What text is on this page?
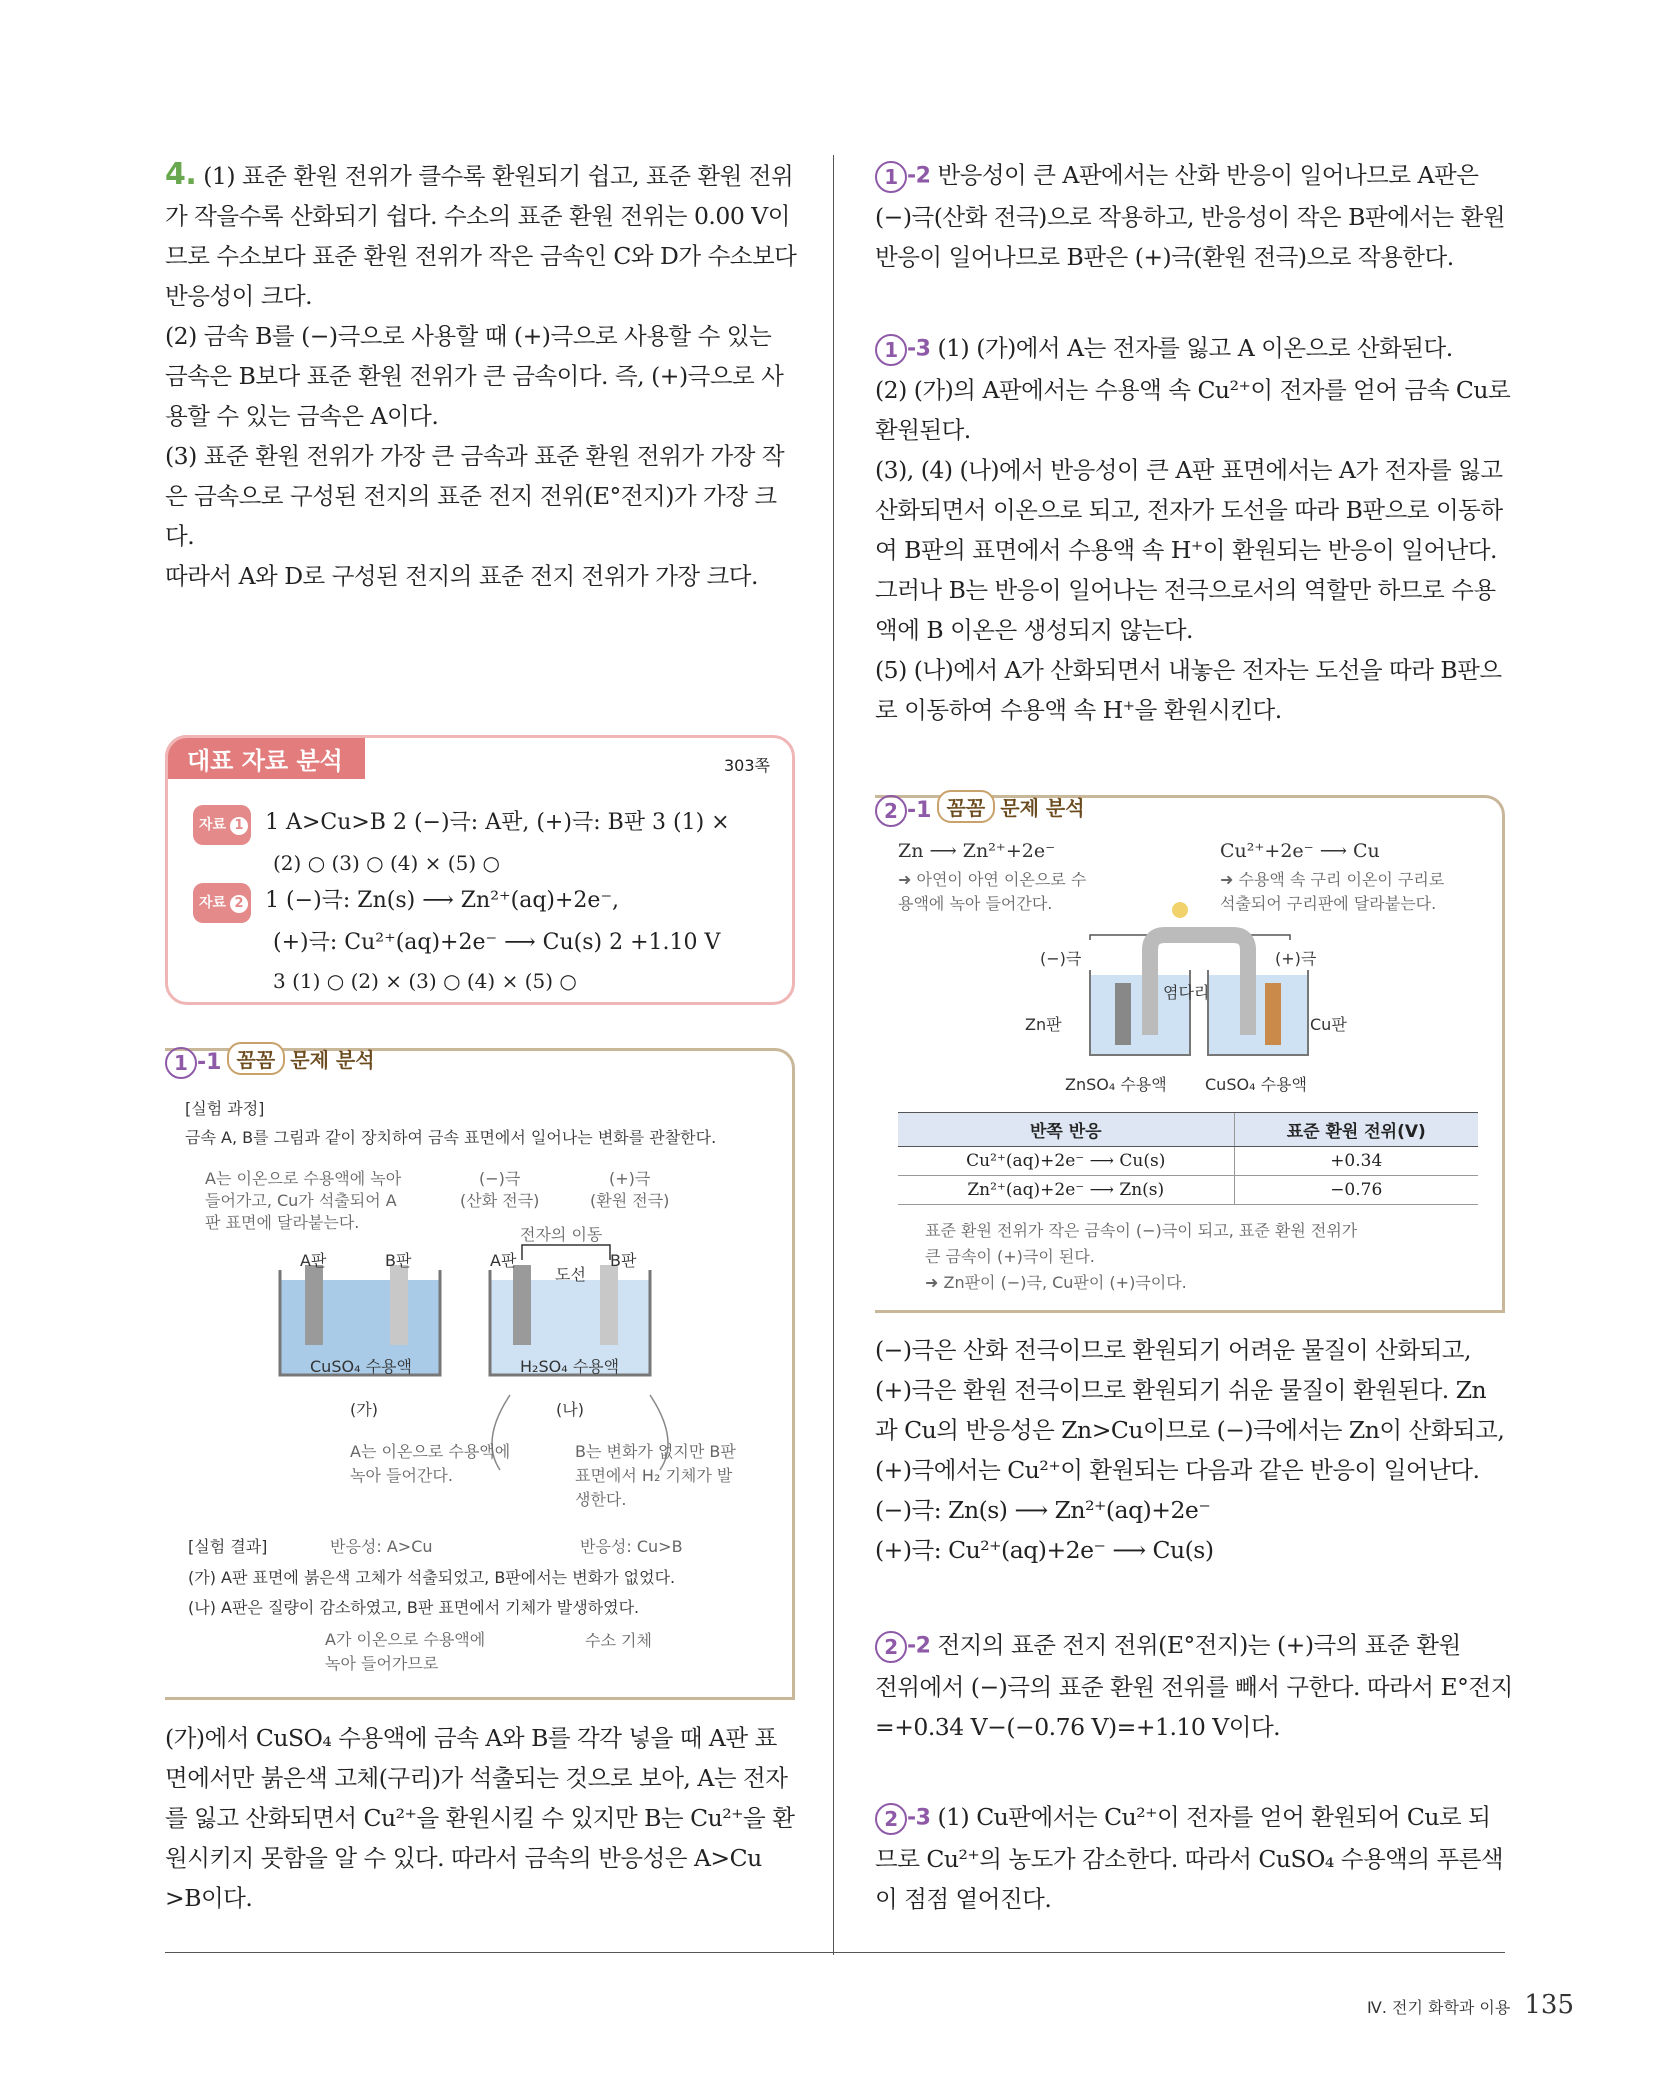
Ⅳ. 전기 화학과 이용 135

4. (1) 표준 환원 전위가 클수록 환원되기 쉽고, 표준 환원 전위

가 작을수록 산화되기 쉽다. 수소의 표준 환원 전위는 0.00 V이

므로 수소보다 표준 환원 전위가 작은 금속인 C와 D가 수소보다

반응성이 크다.

(2) 금속 B를 (−)극으로 사용할 때 (+)극으로 사용할 수 있는

금속은 B보다 표준 환원 전위가 큰 금속이다. 즉, (+)극으로 사

용할 수 있는 금속은 A이다.

(3) 표준 환원 전위가 가장 큰 금속과 표준 환원 전위가 가장 작

은 금속으로 구성된 전지의 표준 전지 전위(E°전지)가 가장 크다.

따라서 A와 D로 구성된 전지의 표준 전지 전위가 가장 크다.

대표 자료 분석	303쪽
자료 1 1 A>Cu>B 2 (−)극: A판, (+)극: B판 3 (1) ×
(2) ○ (3) ○ (4) × (5) ○
자료 2 1 (−)극: Zn(s) ⟶ Zn²⁺(aq)+2e⁻,
(+)극: Cu²⁺(aq)+2e⁻ ⟶ Cu(s) 2 +1.10 V
3 (1) ○ (2) × (3) ○ (4) × (5) ○
1 -1 꼼꼼 문제 분석
[실험 과정]
금속 A, B를 그림과 같이 장치하여 금속 표면에서 일어나는 변화를 관찰한다.
A는 이온으로 수용액에 녹아
들어가고, Cu가 석출되어 A
판 표면에 달라붙는다.
(−)극
(산화 전극)
(+)극
(환원 전극)
전자의 이동
도선
A판	B판	A판	B판
CuSO₄ 수용액	H₂SO₄ 수용액
(가)	(나)
A는 이온으로 수용액에
녹아 들어간다.
B는 변화가 없지만 B판
표면에서 H₂ 기체가 발
생한다.
[실험 결과]	반응성: A>Cu	반응성: Cu>B
(가) A판 표면에 붉은색 고체가 석출되었고, B판에서는 변화가 없었다.
(나) A판은 질량이 감소하였고, B판 표면에서 기체가 발생하였다.
A가 이온으로 수용액에
녹아 들어가므로
수소 기체

(가)에서 CuSO₄ 수용액에 금속 A와 B를 각각 넣을 때 A판 표

면에서만 붉은색 고체(구리)가 석출되는 것으로 보아, A는 전자

를 잃고 산화되면서 Cu²⁺을 환원시킬 수 있지만 B는 Cu²⁺을 환

원시키지 못함을 알 수 있다. 따라서 금속의 반응성은 A>Cu

>B이다.

1 -2 반응성이 큰 A판에서는 산화 반응이 일어나므로 A판은

(−)극(산화 전극)으로 작용하고, 반응성이 작은 B판에서는 환원

반응이 일어나므로 B판은 (+)극(환원 전극)으로 작용한다.

1 -3 (1) (가)에서 A는 전자를 잃고 A 이온으로 산화된다.

(2) (가)의 A판에서는 수용액 속 Cu²⁺이 전자를 얻어 금속 Cu로

환원된다.

(3), (4) (나)에서 반응성이 큰 A판 표면에서는 A가 전자를 잃고

산화되면서 이온으로 되고, 전자가 도선을 따라 B판으로 이동하

여 B판의 표면에서 수용액 속 H⁺이 환원되는 반응이 일어난다.

그러나 B는 반응이 일어나는 전극으로서의 역할만 하므로 수용

액에 B 이온은 생성되지 않는다.

(5) (나)에서 A가 산화되면서 내놓은 전자는 도선을 따라 B판으

로 이동하여 수용액 속 H⁺을 환원시킨다.

2 -1 꼼꼼 문제 분석
Zn ⟶ Zn²⁺+2e⁻
➜ 아연이 아연 이온으로 수
용액에 녹아 들어간다.
Cu²⁺+2e⁻ ⟶ Cu
➜ 수용액 속 구리 이온이 구리로
석출되어 구리판에 달라붙는다.
(−)극	(+)극
염다리
Zn판	Cu판
ZnSO₄ 수용액 CuSO₄ 수용액
반쪽 반응	표준 환원 전위(V)
Cu²⁺(aq)+2e⁻ ⟶ Cu(s)	+0.34
Zn²⁺(aq)+2e⁻ ⟶ Zn(s)	−0.76
표준 환원 전위가 작은 금속이 (−)극이 되고, 표준 환원 전위가
큰 금속이 (+)극이 된다.
➜ Zn판이 (−)극, Cu판이 (+)극이다.

(−)극은 산화 전극이므로 환원되기 어려운 물질이 산화되고,

(+)극은 환원 전극이므로 환원되기 쉬운 물질이 환원된다. Zn

과 Cu의 반응성은 Zn>Cu이므로 (−)극에서는 Zn이 산화되고,

(+)극에서는 Cu²⁺이 환원되는 다음과 같은 반응이 일어난다.

(−)극: Zn(s) ⟶ Zn²⁺(aq)+2e⁻

(+)극: Cu²⁺(aq)+2e⁻ ⟶ Cu(s)

2 -2 전지의 표준 전지 전위(E°전지)는 (+)극의 표준 환원

전위에서 (−)극의 표준 환원 전위를 빼서 구한다. 따라서 E°전지

=+0.34 V−(−0.76 V)=+1.10 V이다.

2 -3 (1) Cu판에서는 Cu²⁺이 전자를 얻어 환원되어 Cu로 되

므로 Cu²⁺의 농도가 감소한다. 따라서 CuSO₄ 수용액의 푸른색

이 점점 옅어진다.
